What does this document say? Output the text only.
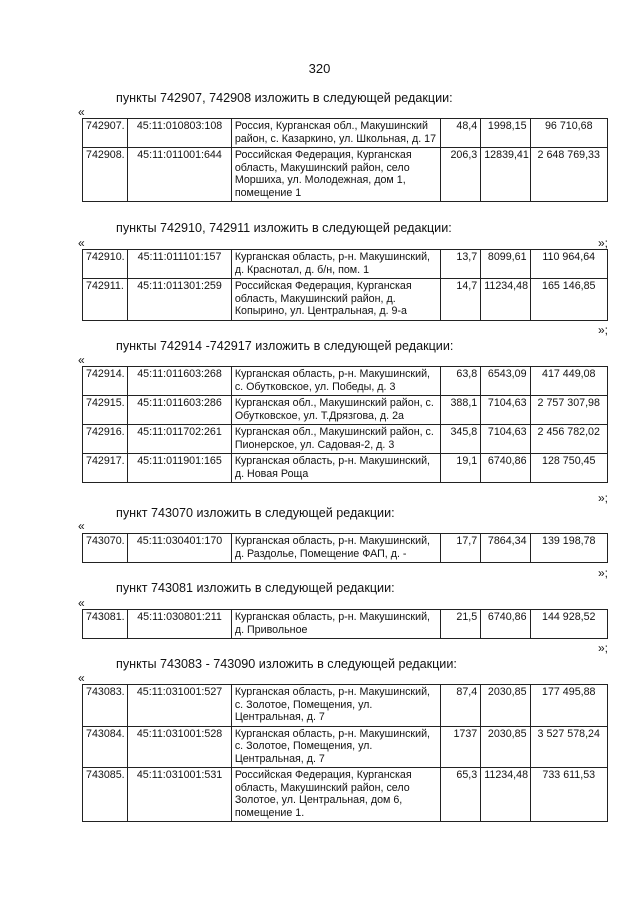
320
пункты 742907, 742908 изложить в следующей редакции:
«
742907.	45:11:010803:108	Россия, Курганская обл., Макушинский район, с. Казаркино, ул. Школьная, д. 17	48,4	1998,15	96 710,68
742908.	45:11:011001:644	Российская Федерация, Курганская область, Макушинский район, село Моршиха, ул. Молодежная, дом 1, помещение 1	206,3	12839,41	2 648 769,33
»;
пункты 742910, 742911 изложить в следующей редакции:
«
742910.	45:11:011101:157	Курганская область, р-н. Макушинский, д. Краснотал, д. б/н, пом. 1	13,7	8099,61	110 964,64
742911.	45:11:011301:259	Российская Федерация, Курганская область, Макушинский район, д. Копырино, ул. Центральная, д. 9-а	14,7	11234,48	165 146,85
»;
пункты 742914 -742917 изложить в следующей редакции:
«
742914.	45:11:011603:268	Курганская область, р-н. Макушинский, с. Обутковское, ул. Победы, д. 3	63,8	6543,09	417 449,08
742915.	45:11:011603:286	Курганская обл., Макушинский район, с. Обутковское, ул. Т.Дрязгова, д. 2а	388,1	7104,63	2 757 307,98
742916.	45:11:011702:261	Курганская обл., Макушинский район, с. Пионерское, ул. Садовая-2, д. 3	345,8	7104,63	2 456 782,02
742917.	45:11:011901:165	Курганская область, р-н. Макушинский, д. Новая Роща	19,1	6740,86	128 750,45
»;
пункт 743070 изложить в следующей редакции:
«
743070.	45:11:030401:170	Курганская область, р-н. Макушинский, д. Раздолье, Помещение ФАП, д. -	17,7	7864,34	139 198,78
»;
пункт 743081 изложить в следующей редакции:
«
743081.	45:11:030801:211	Курганская область, р-н. Макушинский, д. Привольное	21,5	6740,86	144 928,52
»;
пункты 743083 - 743090 изложить в следующей редакции:
«
743083.	45:11:031001:527	Курганская область, р-н. Макушинский, с. Золотое, Помещения, ул. Центральная, д. 7	87,4	2030,85	177 495,88
743084.	45:11:031001:528	Курганская область, р-н. Макушинский, с. Золотое, Помещения, ул. Центральная, д. 7	1737	2030,85	3 527 578,24
743085.	45:11:031001:531	Российская Федерация, Курганская область, Макушинский район, село Золотое, ул. Центральная, дом 6, помещение 1.	65,3	11234,48	733 611,53
